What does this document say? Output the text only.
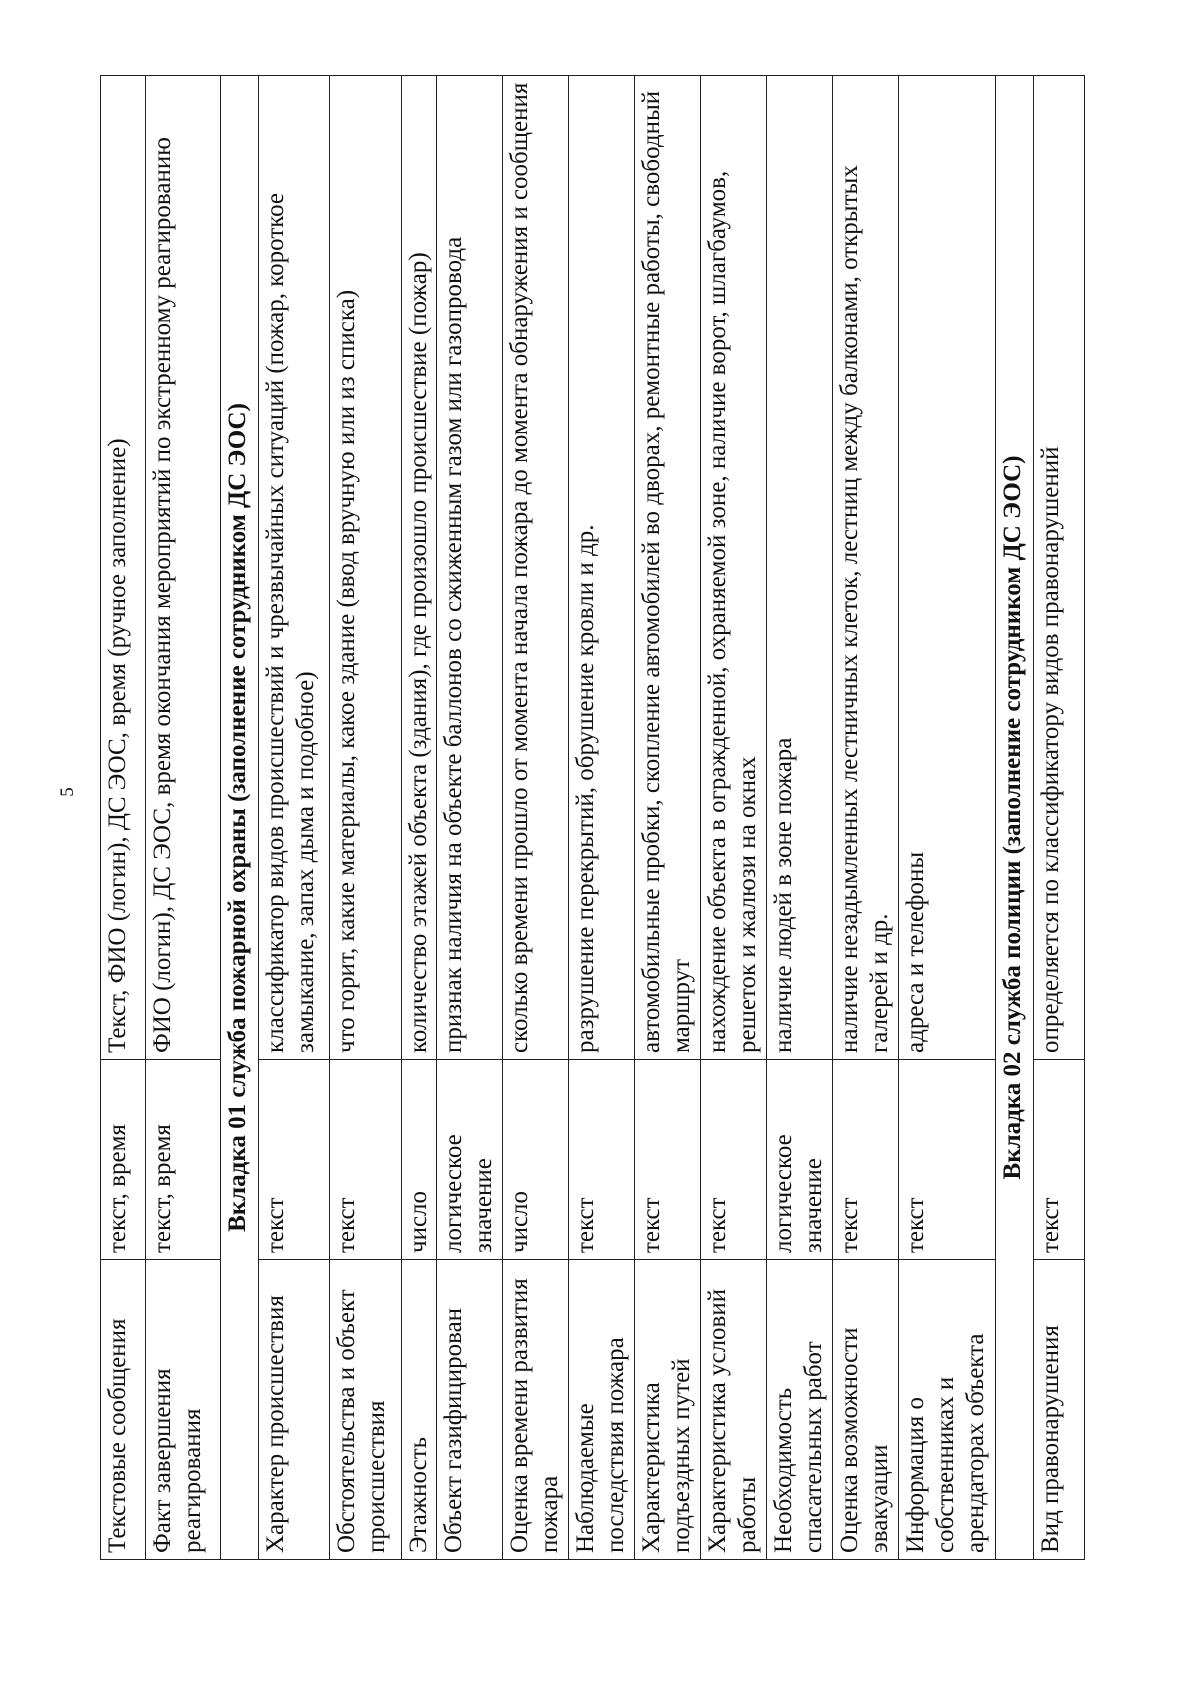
5
Текстовые сообщения	текст, время	Текст, ФИО (логин), ДС ЭОС, время (ручное заполнение)
Факт завершения реагирования	текст, время	ФИО (логин), ДС ЭОС, время окончания мероприятий по экстренному реагированию
Вкладка 01 служба пожарной охраны (заполнение сотрудником ДС ЭОС)		
Характер происшествия	текст	классификатор видов происшествий и чрезвычайных ситуаций (пожар, короткое замыкание, запах дыма и подобное)
Обстоятельства и объект происшествия	текст	что горит, какие материалы, какое здание (ввод вручную или из списка)
Этажность	число	количество этажей объекта (здания), где произошло происшествие (пожар)
Объект газифицирован	логическое значение	признак наличия на объекте баллонов со сжиженным газом или газопровода
Оценка времени развития пожара	число	сколько времени прошло от момента начала пожара до момента обнаружения и сообщения
Наблюдаемые последствия пожара	текст	разрушение перекрытий, обрушение кровли и др.
Характеристика подъездных путей	текст	автомобильные пробки, скопление автомобилей во дворах, ремонтные работы, свободный маршрут
Характеристика условий работы	текст	нахождение объекта в огражденной, охраняемой зоне, наличие ворот, шлагбаумов, решеток и жалюзи на окнах
Необходимость спасательных работ	логическое значение	наличие людей в зоне пожара
Оценка возможности эвакуации	текст	наличие незадымленных лестничных клеток, лестниц между балконами, открытых галерей и др.
Информация о собственниках и арендаторах объекта	текст	адреса и телефоны
Вкладка 02 служба полиции (заполнение сотрудником ДС ЭОС)		
Вид правонарушения	текст	определяется по классификатору видов правонарушений
